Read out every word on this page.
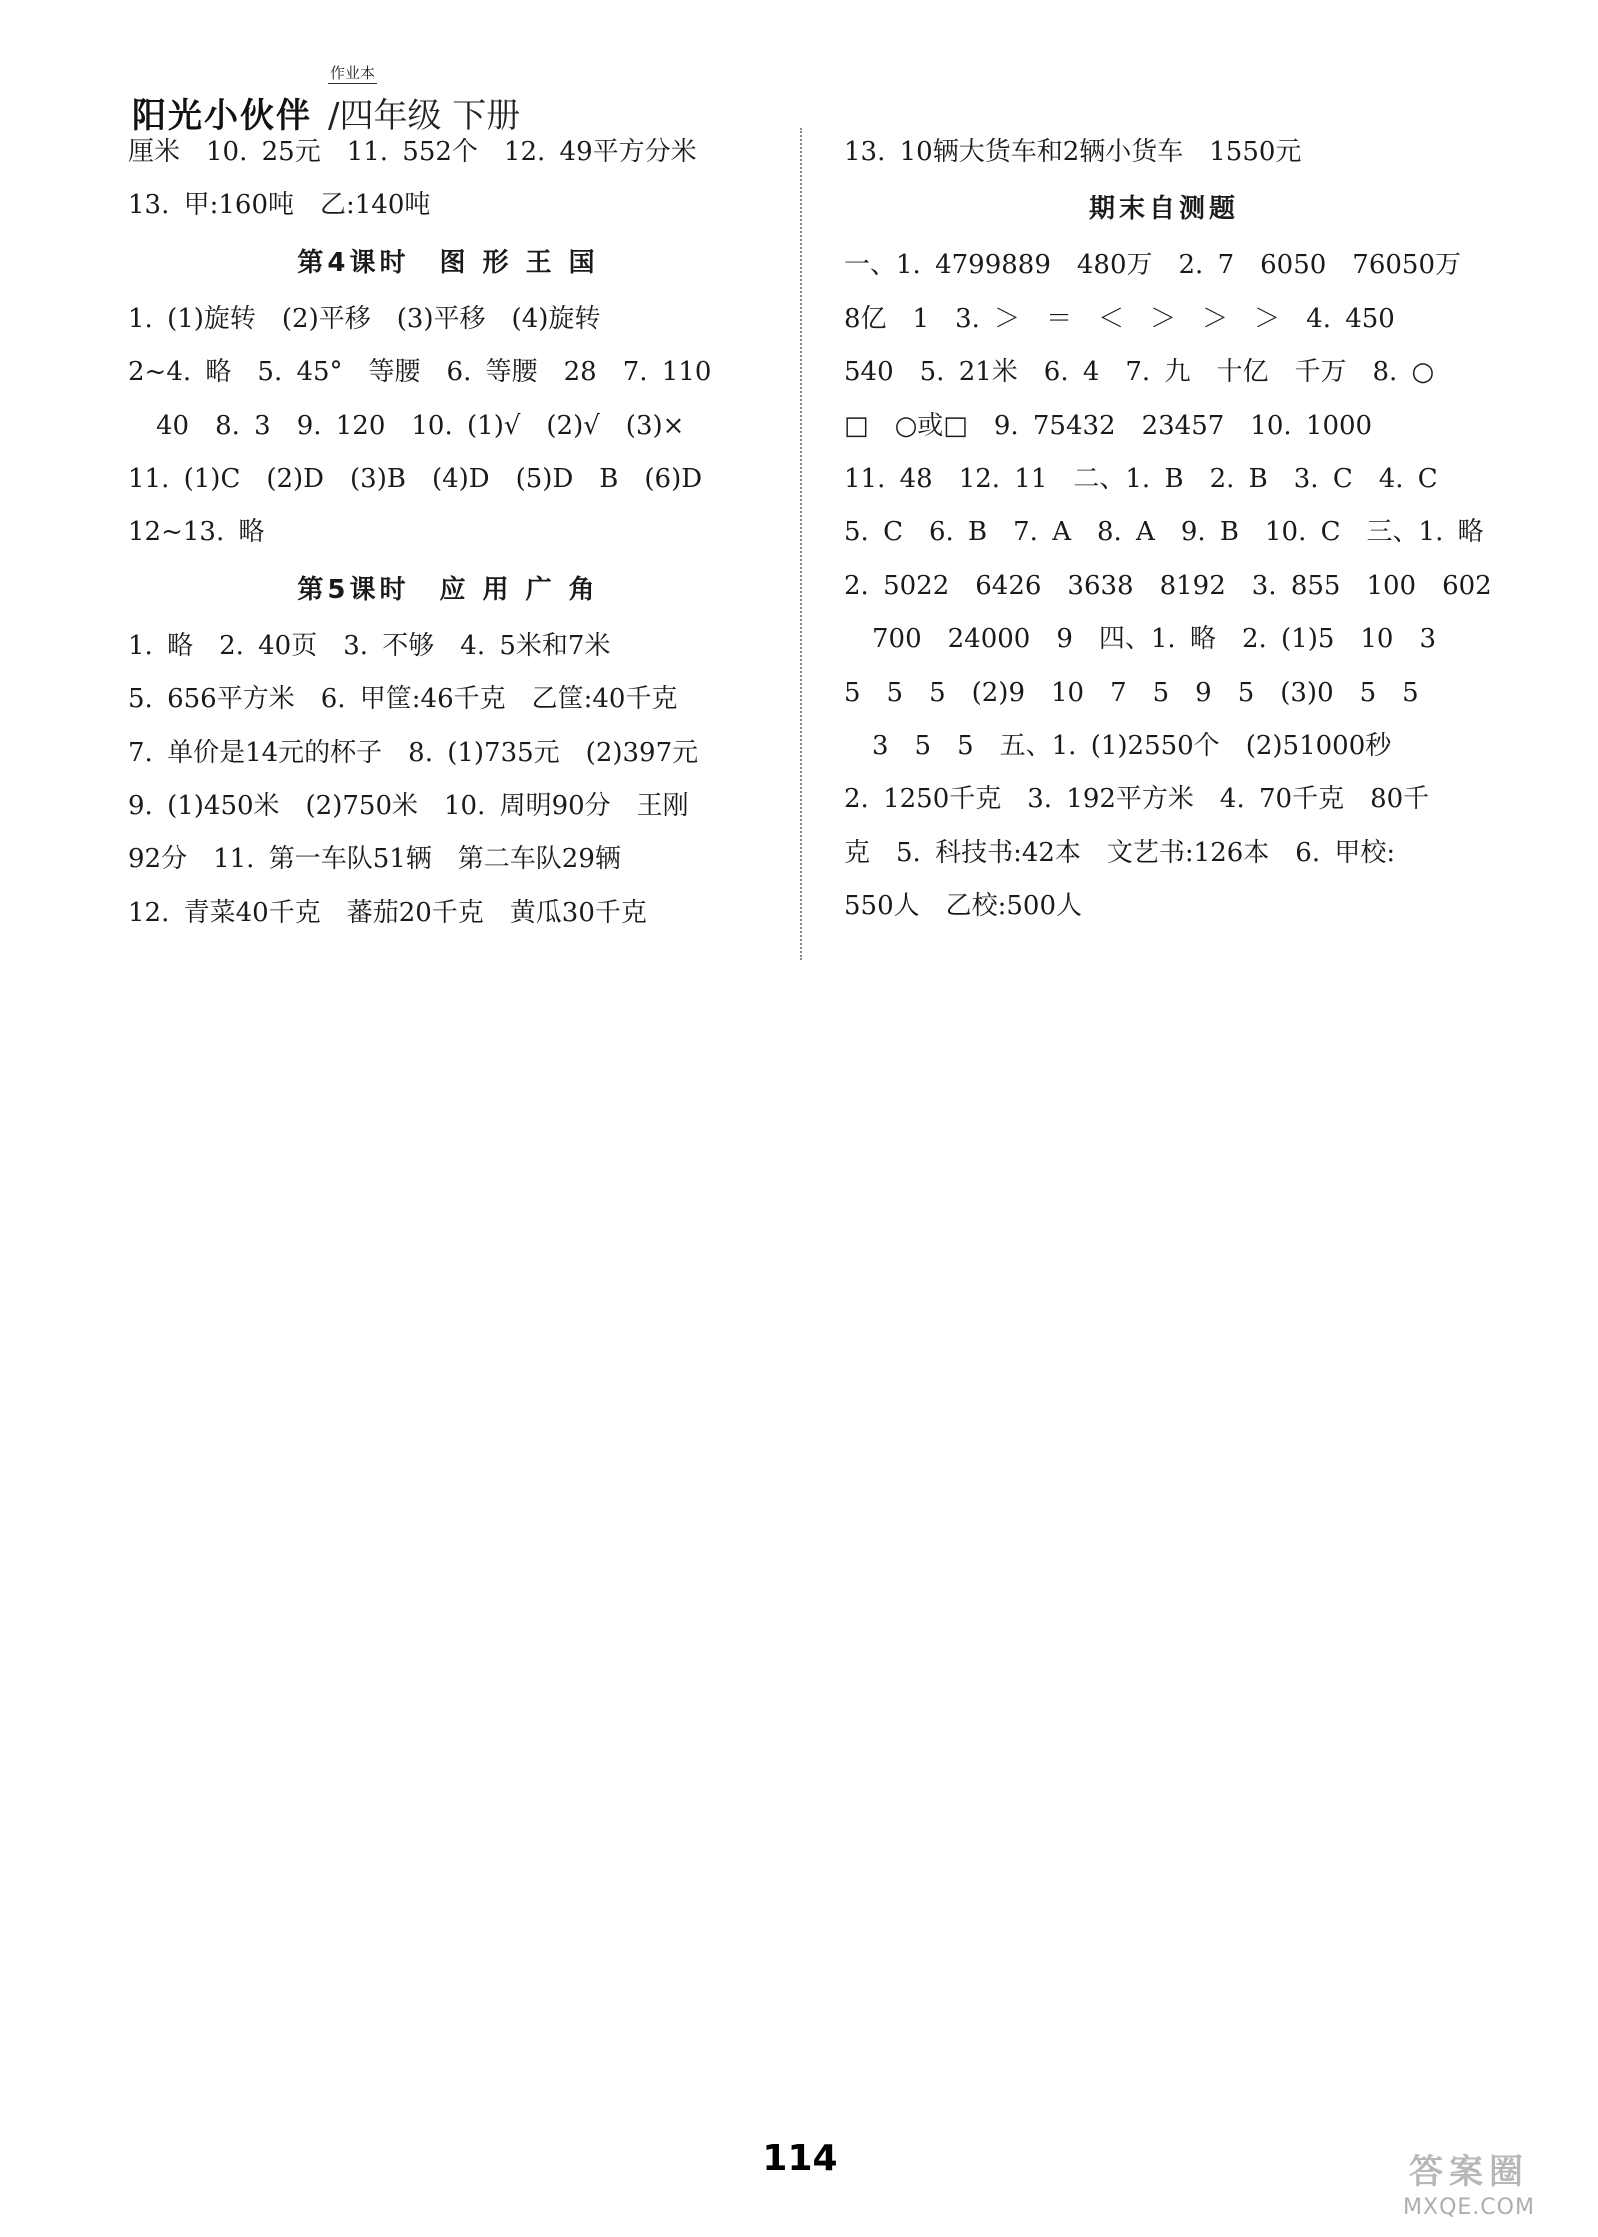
阳光小伙伴
作业本
/四年级 下册
厘米　10. 25元　11. 552个　12. 49平方分米
13. 甲:160吨　乙:140吨
第4课时　图 形 王 国
1. (1)旋转　(2)平移　(3)平移　(4)旋转
2~4. 略　5. 45°　等腰　6. 等腰　28　7. 110
40　8. 3　9. 120　10. (1)√　(2)√　(3)×
11. (1)C　(2)D　(3)B　(4)D　(5)D　B　(6)D
12~13. 略
第5课时　应 用 广 角
1. 略　2. 40页　3. 不够　4. 5米和7米
5. 656平方米　6. 甲筐:46千克　乙筐:40千克
7. 单价是14元的杯子　8. (1)735元　(2)397元
9. (1)450米　(2)750米　10. 周明90分　王刚
92分　11. 第一车队51辆　第二车队29辆
12. 青菜40千克　蕃茄20千克　黄瓜30千克
13. 10辆大货车和2辆小货车　1550元
期末自测题
一、1. 4799889　480万　2. 7　6050　76050万
8亿　1　3. ＞　＝　＜　＞　＞　＞　4. 450
540　5. 21米　6. 4　7. 九　十亿　千万　8. ○
□　○或□　9. 75432　23457　10. 1000
11. 48　12. 11　二、1. B　2. B　3. C　4. C
5. C　6. B　7. A　8. A　9. B　10. C　三、1. 略
2. 5022　6426　3638　8192　3. 855　100　602
700　24000　9　四、1. 略　2. (1)5　10　3
5　5　5　(2)9　10　7　5　9　5　(3)0　5　5
3　5　5　五、1. (1)2550个　(2)51000秒
2. 1250千克　3. 192平方米　4. 70千克　80千
克　5. 科技书:42本　文艺书:126本　6. 甲校:
550人　乙校:500人
114	答案圈
MXQE.COM
